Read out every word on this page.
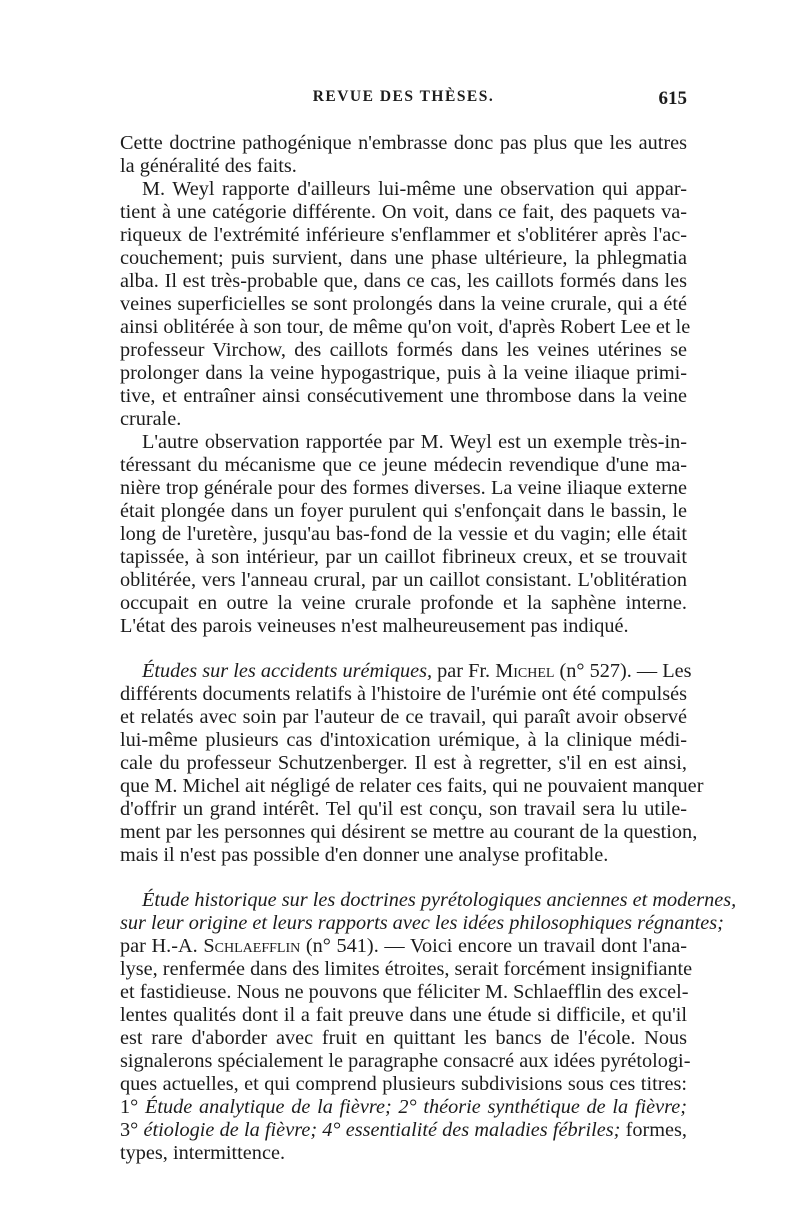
REVUE DES THÈSES.	615
Cette doctrine pathogénique n'embrasse donc pas plus que les autres
la généralité des faits.
M. Weyl rapporte d'ailleurs lui-même une observation qui appar-
tient à une catégorie différente. On voit, dans ce fait, des paquets va-
riqueux de l'extrémité inférieure s'enflammer et s'oblitérer après l'ac-
couchement; puis survient, dans une phase ultérieure, la phlegmatia
alba. Il est très-probable que, dans ce cas, les caillots formés dans les
veines superficielles se sont prolongés dans la veine crurale, qui a été
ainsi oblitérée à son tour, de même qu'on voit, d'après Robert Lee et le
professeur Virchow, des caillots formés dans les veines utérines se
prolonger dans la veine hypogastrique, puis à la veine iliaque primi-
tive, et entraîner ainsi consécutivement une thrombose dans la veine
crurale.
L'autre observation rapportée par M. Weyl est un exemple très-in-
téressant du mécanisme que ce jeune médecin revendique d'une ma-
nière trop générale pour des formes diverses. La veine iliaque externe
était plongée dans un foyer purulent qui s'enfonçait dans le bassin, le
long de l'uretère, jusqu'au bas-fond de la vessie et du vagin; elle était
tapissée, à son intérieur, par un caillot fibrineux creux, et se trouvait
oblitérée, vers l'anneau crural, par un caillot consistant. L'oblitération
occupait en outre la veine crurale profonde et la saphène interne.
L'état des parois veineuses n'est malheureusement pas indiqué.
Études sur les accidents urémiques, par Fr. Michel (n° 527). — Les
différents documents relatifs à l'histoire de l'urémie ont été compulsés
et relatés avec soin par l'auteur de ce travail, qui paraît avoir observé
lui-même plusieurs cas d'intoxication urémique, à la clinique médi-
cale du professeur Schutzenberger. Il est à regretter, s'il en est ainsi,
que M. Michel ait négligé de relater ces faits, qui ne pouvaient manquer
d'offrir un grand intérêt. Tel qu'il est conçu, son travail sera lu utile-
ment par les personnes qui désirent se mettre au courant de la question,
mais il n'est pas possible d'en donner une analyse profitable.
Étude historique sur les doctrines pyrétologiques anciennes et modernes,
sur leur origine et leurs rapports avec les idées philosophiques régnantes;
par H.-A. Schlaefflin (n° 541). — Voici encore un travail dont l'ana-
lyse, renfermée dans des limites étroites, serait forcément insignifiante
et fastidieuse. Nous ne pouvons que féliciter M. Schlaefflin des excel-
lentes qualités dont il a fait preuve dans une étude si difficile, et qu'il
est rare d'aborder avec fruit en quittant les bancs de l'école. Nous
signalerons spécialement le paragraphe consacré aux idées pyrétologi-
ques actuelles, et qui comprend plusieurs subdivisions sous ces titres:
1° Étude analytique de la fièvre; 2° théorie synthétique de la fièvre;
3° étiologie de la fièvre; 4° essentialité des maladies fébriles; formes,
types, intermittence.
